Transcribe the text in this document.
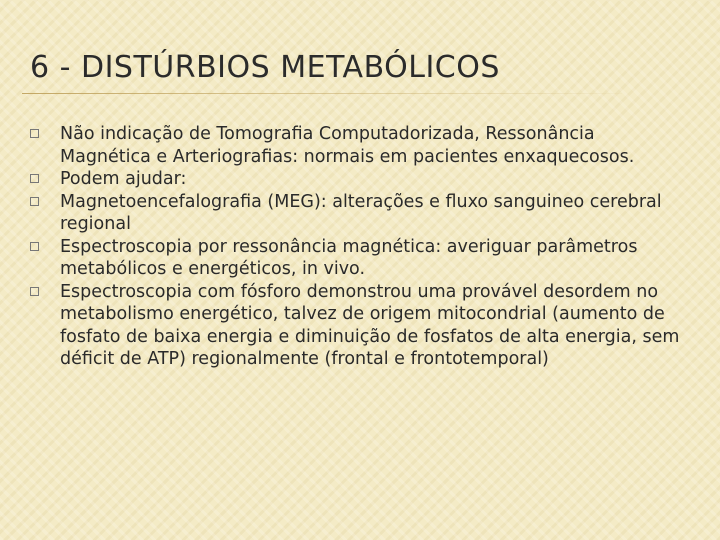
6 - DISTÚRBIOS METABÓLICOS
Não indicação de Tomografia Computadorizada, Ressonância Magnética e Arteriografias: normais em pacientes enxaquecosos.
Podem ajudar:
Magnetoencefalografia (MEG): alterações e fluxo sanguineo cerebral regional
Espectroscopia por ressonância magnética: averiguar parâmetros metabólicos e energéticos, in vivo.
Espectroscopia com fósforo demonstrou uma provável desordem no metabolismo energético, talvez de origem mitocondrial (aumento de fosfato de baixa energia e diminuição de fosfatos de alta energia, sem déficit de ATP) regionalmente (frontal e frontotemporal)
